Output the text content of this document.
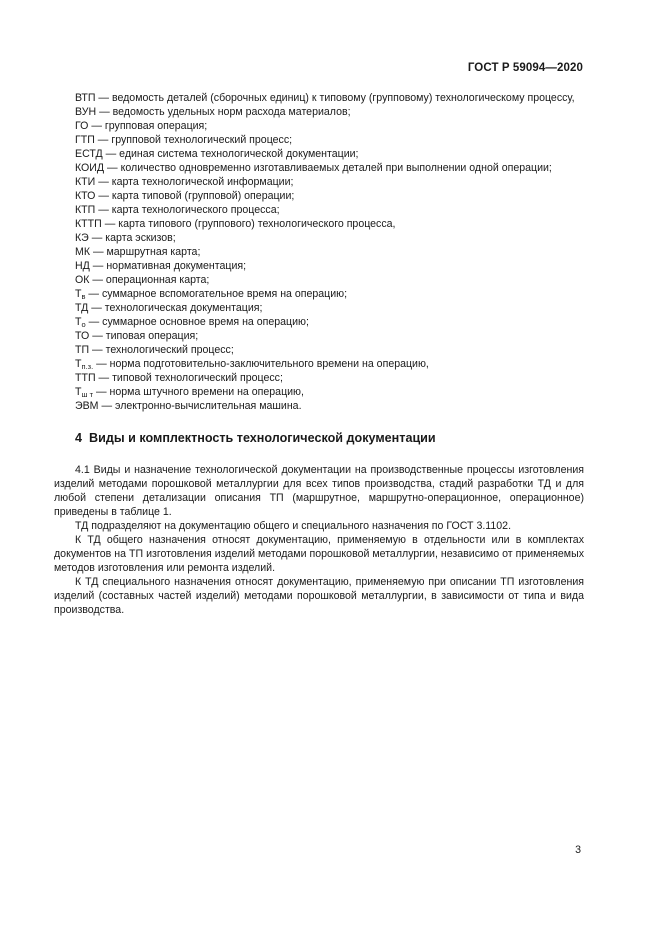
ГОСТ Р 59094—2020
ВТП — ведомость деталей (сборочных единиц) к типовому (групповому) технологическому процессу,
ВУН — ведомость удельных норм расхода материалов;
ГО — групповая операция;
ГТП — групповой технологический процесс;
ЕСТД — единая система технологической документации;
КОИД — количество одновременно изготавливаемых деталей при выполнении одной операции;
КТИ — карта технологической информации;
КТО — карта типовой (групповой) операции;
КТП — карта технологического процесса;
КТТП — карта типового (группового) технологического процесса,
КЭ — карта эскизов;
МК — маршрутная карта;
НД — нормативная документация;
ОК — операционная карта;
$Т_в$ — суммарное вспомогательное время на операцию;
ТД — технологическая документация;
$Т_о$ — суммарное основное время на операцию;
ТО — типовая операция;
ТП — технологический процесс;
$Т_{п.з.}$ — норма подготовительно-заключительного времени на операцию,
ТТП — типовой технологический процесс;
$Т_{ш т}$ — норма штучного времени на операцию,
ЭВМ — электронно-вычислительная машина.
4 Виды и комплектность технологической документации

4.1 Виды и назначение технологической документации на производственные процессы изготовления изделий методами порошковой металлургии для всех типов производства, стадий разработки ТД и для любой степени детализации описания ТП (маршрутное, маршрутно-операционное, операционное) приведены в таблице 1.

ТД подразделяют на документацию общего и специального назначения по ГОСТ 3.1102.

К ТД общего назначения относят документацию, применяемую в отдельности или в комплектах документов на ТП изготовления изделий методами порошковой металлургии, независимо от применяемых методов изготовления или ремонта изделий.

К ТД специального назначения относят документацию, применяемую при описании ТП изготовления изделий (составных частей изделий) методами порошковой металлургии, в зависимости от типа и вида производства.

3
